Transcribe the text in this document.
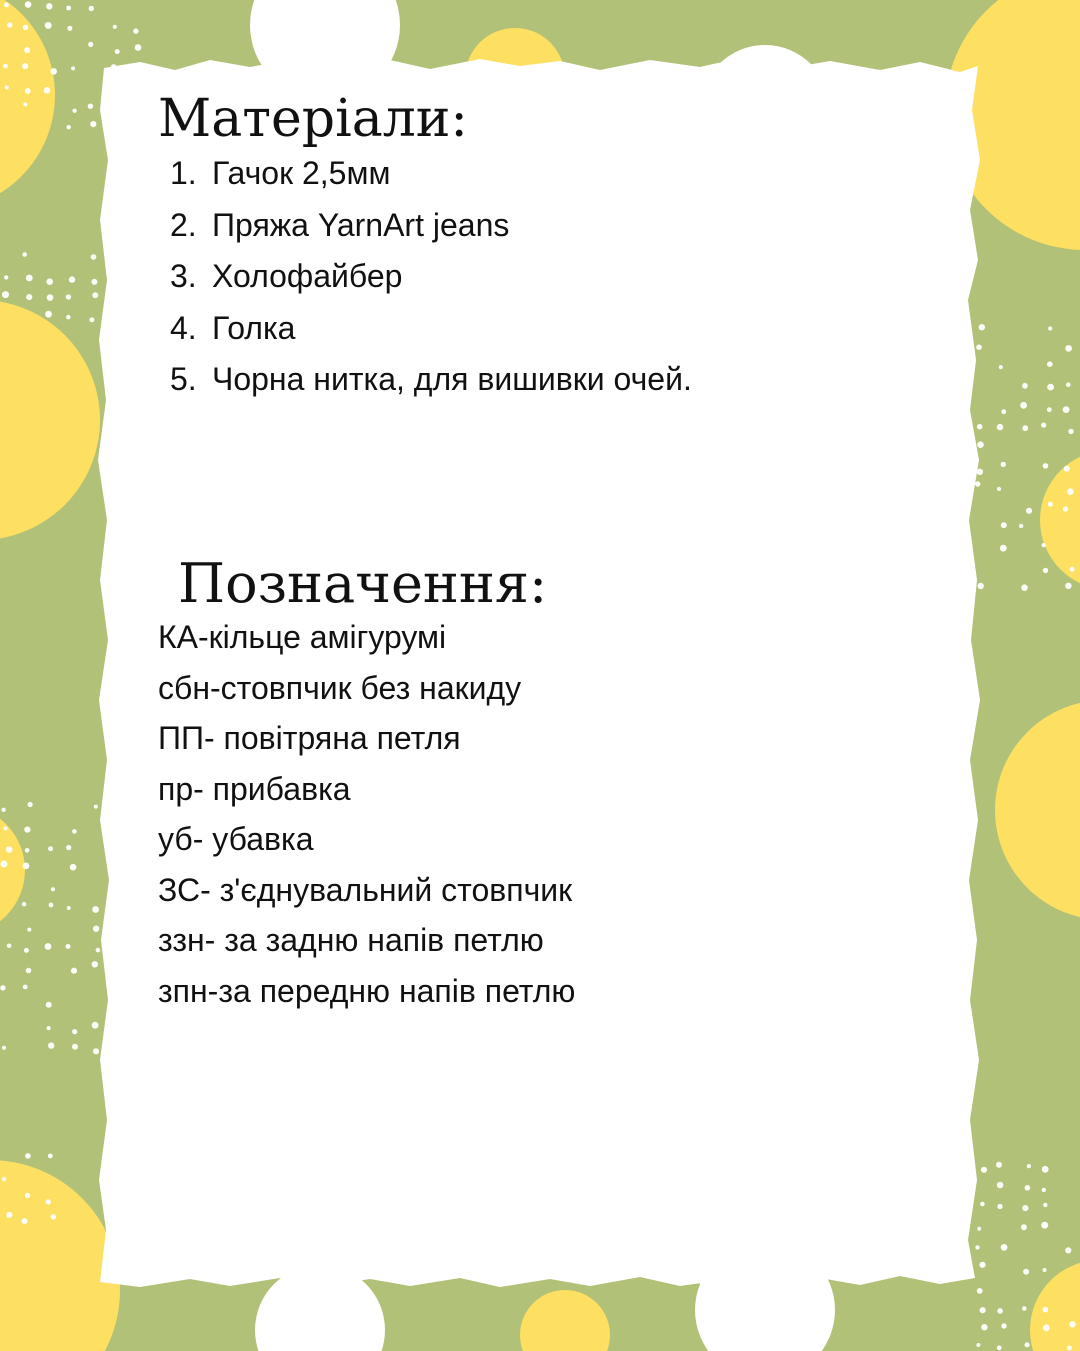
Матеріали:
1. Гачок 2,5мм
2. Пряжа YarnArt jeans
3. Холофайбер
4. Голка
5. Чорна нитка, для вишивки очей.
Позначення:
КА-кільце амігурумі
сбн-стовпчик без накиду
ПП- повітряна петля
пр- прибавка
уб- убавка
ЗС- з'єднувальний стовпчик
ззн- за задню напів петлю
зпн-за передню напів петлю
